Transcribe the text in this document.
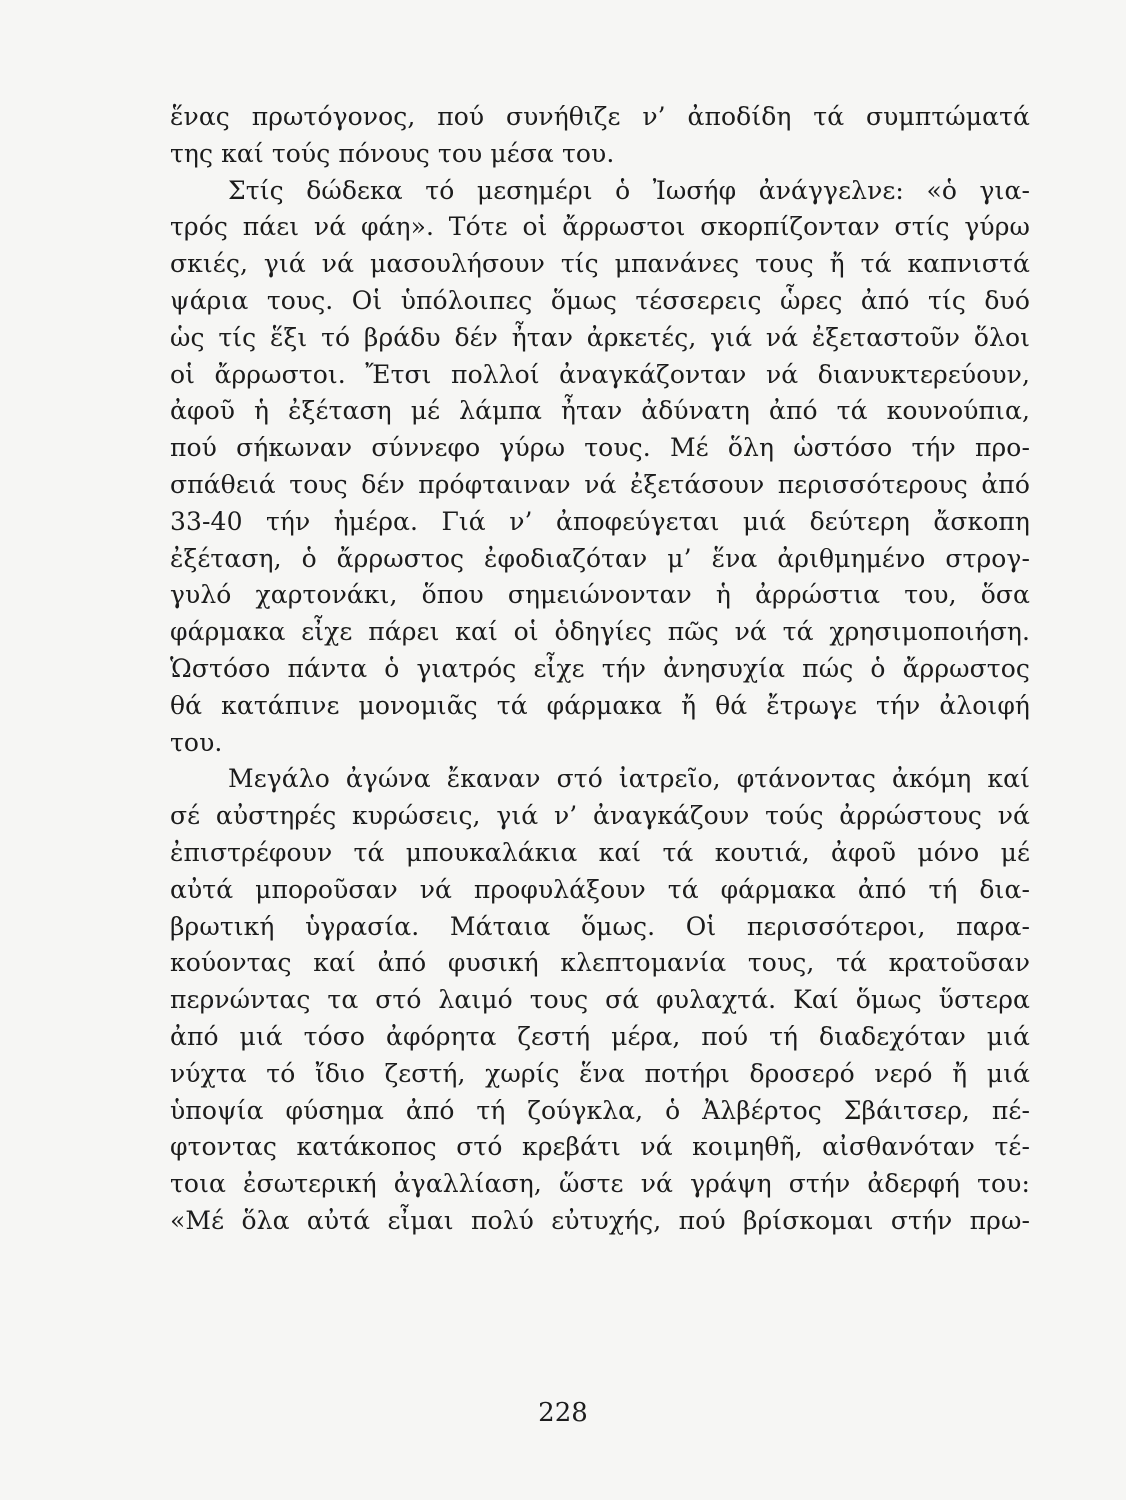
ἕνας πρωτόγονος, πού συνήθιζε ν’ ἀποδίδη τά συμπτώματά
της καί τούς πόνους του μέσα του.
Στίς δώδεκα τό μεσημέρι ὁ Ἰωσήφ ἀνάγγελνε: «ὁ για-
τρός πάει νά φάη». Τότε οἱ ἄρρωστοι σκορπίζονταν στίς γύρω
σκιές, γιά νά μασουλήσουν τίς μπανάνες τους ἤ τά καπνιστά
ψάρια τους. Οἱ ὑπόλοιπες ὅμως τέσσερεις ὧρες ἀπό τίς δυό
ὡς τίς ἕξι τό βράδυ δέν ἦταν ἀρκετές, γιά νά ἐξεταστοῦν ὅλοι
οἱ ἄρρωστοι. Ἔτσι πολλοί ἀναγκάζονταν νά διανυκτερεύουν,
ἀφοῦ ἡ ἐξέταση μέ λάμπα ἦταν ἀδύνατη ἀπό τά κουνούπια,
πού σήκωναν σύννεφο γύρω τους. Μέ ὅλη ὡστόσο τήν προ-
σπάθειά τους δέν πρόφταιναν νά ἐξετάσουν περισσότερους ἀπό
33-40 τήν ἡμέρα. Γιά ν’ ἀποφεύγεται μιά δεύτερη ἄσκοπη
ἐξέταση, ὁ ἄρρωστος ἐφοδιαζόταν μ’ ἕνα ἀριθμημένο στρογ-
γυλό χαρτονάκι, ὅπου σημειώνονταν ἡ ἀρρώστια του, ὅσα
φάρμακα εἶχε πάρει καί οἱ ὁδηγίες πῶς νά τά χρησιμοποιήση.
Ὡστόσο πάντα ὁ γιατρός εἶχε τήν ἀνησυχία πώς ὁ ἄρρωστος
θά κατάπινε μονομιᾶς τά φάρμακα ἤ θά ἔτρωγε τήν ἀλοιφή
του.
Μεγάλο ἀγώνα ἔκαναν στό ἰατρεῖο, φτάνοντας ἀκόμη καί
σέ αὐστηρές κυρώσεις, γιά ν’ ἀναγκάζουν τούς ἀρρώστους νά
ἐπιστρέφουν τά μπουκαλάκια καί τά κουτιά, ἀφοῦ μόνο μέ
αὐτά μποροῦσαν νά προφυλάξουν τά φάρμακα ἀπό τή δια-
βρωτική ὑγρασία. Μάταια ὅμως. Οἱ περισσότεροι, παρα-
κούοντας καί ἀπό φυσική κλεπτομανία τους, τά κρατοῦσαν
περνώντας τα στό λαιμό τους σά φυλαχτά. Καί ὅμως ὕστερα
ἀπό μιά τόσο ἀφόρητα ζεστή μέρα, πού τή διαδεχόταν μιά
νύχτα τό ἴδιο ζεστή, χωρίς ἕνα ποτήρι δροσερό νερό ἤ μιά
ὑποψία φύσημα ἀπό τή ζούγκλα, ὁ Ἀλβέρτος Σβάιτσερ, πέ-
φτοντας κατάκοπος στό κρεβάτι νά κοιμηθῆ, αἰσθανόταν τέ-
τοια ἐσωτερική ἀγαλλίαση, ὥστε νά γράψη στήν ἀδερφή του:
«Μέ ὅλα αὐτά εἶμαι πολύ εὐτυχής, πού βρίσκομαι στήν πρω-
228
